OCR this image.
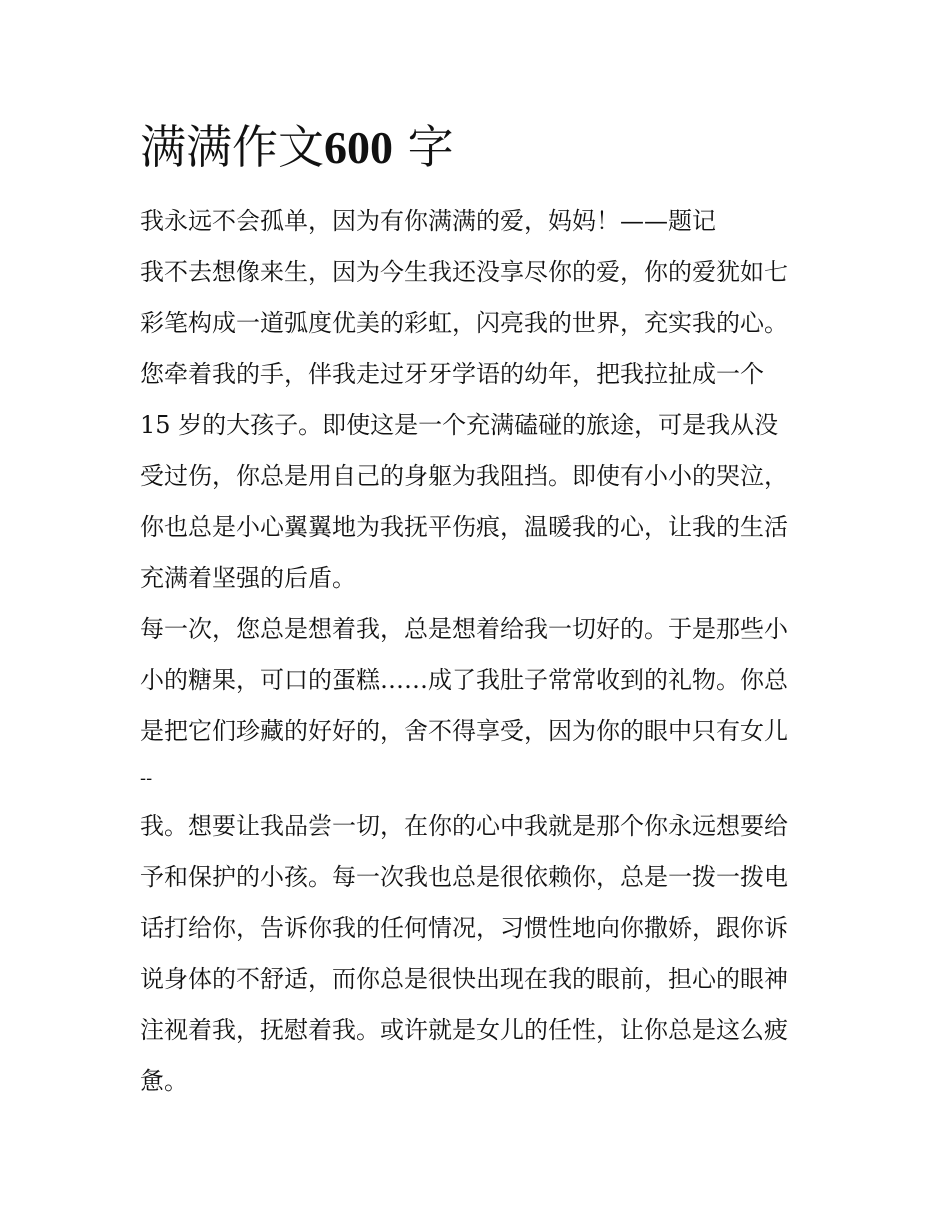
满满作文600 字
我永远不会孤单，因为有你满满的爱，妈妈！——题记
我不去想像来生，因为今生我还没享尽你的爱，你的爱犹如七
彩笔构成一道弧度优美的彩虹，闪亮我的世界，充实我的心。
您牵着我的手，伴我走过牙牙学语的幼年，把我拉扯成一个
15 岁的大孩子。即使这是一个充满磕碰的旅途，可是我从没
受过伤，你总是用自己的身躯为我阻挡。即使有小小的哭泣，
你也总是小心翼翼地为我抚平伤痕，温暖我的心，让我的生活
充满着坚强的后盾。
每一次，您总是想着我，总是想着给我一切好的。于是那些小
小的糖果，可口的蛋糕……成了我肚子常常收到的礼物。你总
是把它们珍藏的好好的，舍不得享受，因为你的眼中只有女儿
--
我。想要让我品尝一切，在你的心中我就是那个你永远想要给
予和保护的小孩。每一次我也总是很依赖你，总是一拨一拨电
话打给你，告诉你我的任何情况，习惯性地向你撒娇，跟你诉
说身体的不舒适，而你总是很快出现在我的眼前，担心的眼神
注视着我，抚慰着我。或许就是女儿的任性，让你总是这么疲
惫。
